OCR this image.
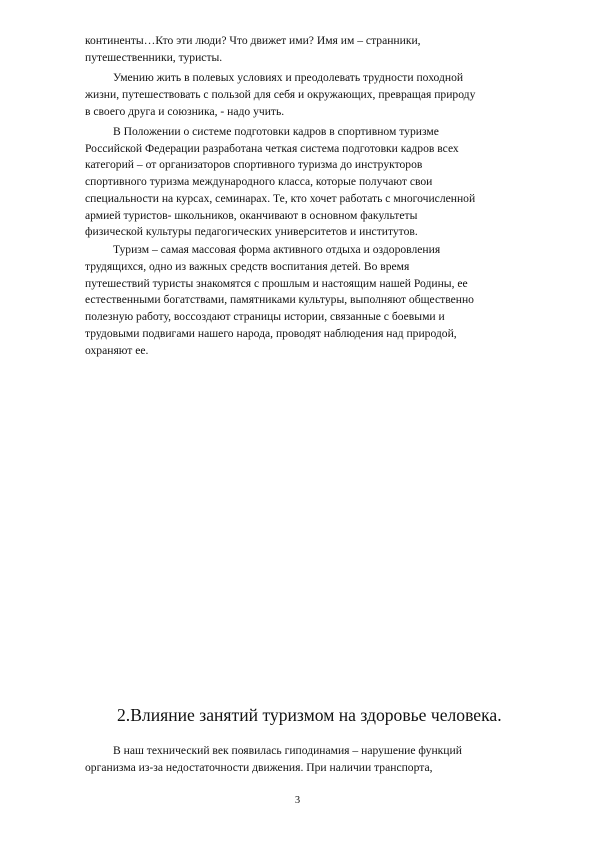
континенты…Кто эти люди? Что движет ими? Имя им – странники,
путешественники, туристы.
Умению жить в полевых условиях и преодолевать трудности походной
жизни, путешествовать с пользой для себя и окружающих, превращая природу
в своего друга и союзника, - надо учить.
В Положении о системе подготовки кадров в спортивном туризме
Российской Федерации разработана четкая система подготовки кадров всех
категорий – от организаторов спортивного туризма до инструкторов
спортивного туризма международного класса, которые получают свои
специальности на курсах, семинарах. Те, кто хочет работать с многочисленной
армией туристов- школьников, оканчивают в основном факультеты
физической культуры педагогических университетов и институтов.
Туризм – самая массовая форма активного отдыха и оздоровления
трудящихся, одно из важных средств воспитания детей. Во время
путешествий туристы знакомятся с прошлым и настоящим нашей Родины, ее
естественными богатствами, памятниками культуры, выполняют общественно
полезную работу, воссоздают страницы истории, связанные с боевыми и
трудовыми подвигами нашего народа, проводят наблюдения над природой,
охраняют ее.
2.Влияние занятий туризмом на здоровье человека.
В наш технический век появилась гиподинамия – нарушение функций
организма из-за недостаточности движения. При наличии транспорта,
3
